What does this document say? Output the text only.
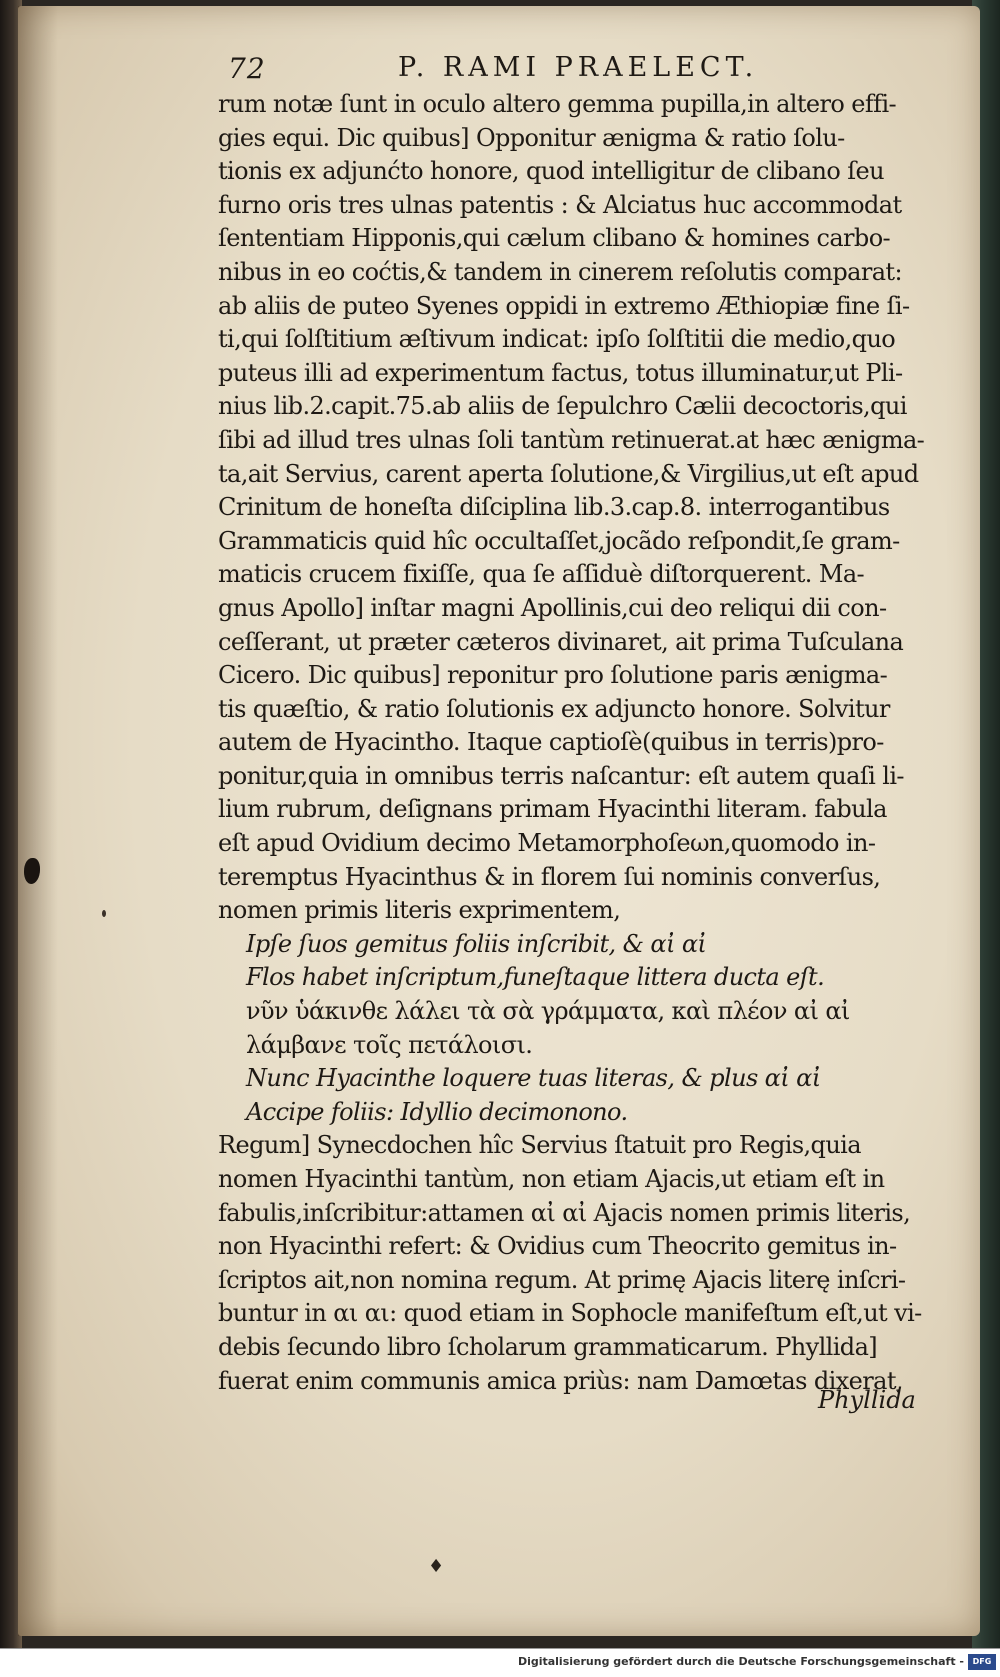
72	P. RAMI PRAELECT.
rum notæ ſunt in oculo altero gemma pupilla,in altero effi-
gies equi. Dic quibus] Opponitur ænigma & ratio ſolu-
tionis ex adjunćto honore, quod intelligitur de clibano ſeu
furno oris tres ulnas patentis : & Alciatus huc accommodat
ſententiam Hipponis,qui cælum clibano & homines carbo-
nibus in eo coćtis,& tandem in cinerem reſolutis comparat:
ab aliis de puteo Syenes oppidi in extremo Æthiopiæ fine ſi-
ti,qui ſolſtitium æſtivum indicat: ipſo ſolſtitii die medio,quo
puteus illi ad experimentum factus, totus illuminatur,ut Pli-
nius lib.2.capit.75.ab aliis de ſepulchro Cælii decoctoris,qui
ſibi ad illud tres ulnas ſoli tantùm retinuerat.at hæc ænigma-
ta,ait Servius, carent aperta ſolutione,& Virgilius,ut eſt apud
Crinitum de honeſta diſciplina lib.3.cap.8. interrogantibus
Grammaticis quid hîc occultaſſet,jocãdo reſpondit,ſe gram-
maticis crucem fixiſſe, qua ſe aſſiduè diſtorquerent. Ma-
gnus Apollo] inſtar magni Apollinis,cui deo reliqui dii con-
ceſſerant, ut præter cæteros divinaret, ait prima Tuſculana
Cicero. Dic quibus] reponitur pro ſolutione paris ænigma-
tis quæſtio, & ratio ſolutionis ex adjuncto honore. Solvitur
autem de Hyacintho. Itaque captioſè(quibus in terris)pro-
ponitur,quia in omnibus terris naſcantur: eſt autem quaſi li-
lium rubrum, deſignans primam Hyacinthi literam. fabula
eſt apud Ovidium decimo Metamorphoſeωn,quomodo in-
teremptus Hyacinthus & in florem ſui nominis converſus,
nomen primis literis exprimentem,
Ipſe ſuos gemitus foliis inſcribit, & αἰ αἰ
Flos habet inſcriptum,funeſtaque littera ducta eſt.
νῦν ὑάκινθε λάλει τὰ σὰ γράμματα, καὶ πλέον αἰ αἰ
λάμβανε τοῖς πετάλοισι.
Nunc Hyacinthe loquere tuas literas, & plus αἰ αἰ
Accipe foliis: Idyllio decimonono.
Regum] Synecdochen hîc Servius ſtatuit pro Regis,quia
nomen Hyacinthi tantùm, non etiam Ajacis,ut etiam eſt in
fabulis,inſcribitur:attamen αἰ αἰ Ajacis nomen primis literis,
non Hyacinthi refert: & Ovidius cum Theocrito gemitus in-
ſcriptos ait,non nomina regum. At primę Ajacis literę inſcri-
buntur in αι αι: quod etiam in Sophocle manifeſtum eſt,ut vi-
debis ſecundo libro ſcholarum grammaticarum. Phyllida]
fuerat enim communis amica priùs: nam Damœtas dixerat,
Phyllida
♦
Digitalisierung gefördert durch die Deutsche Forschungsgemeinschaft -	DFG
